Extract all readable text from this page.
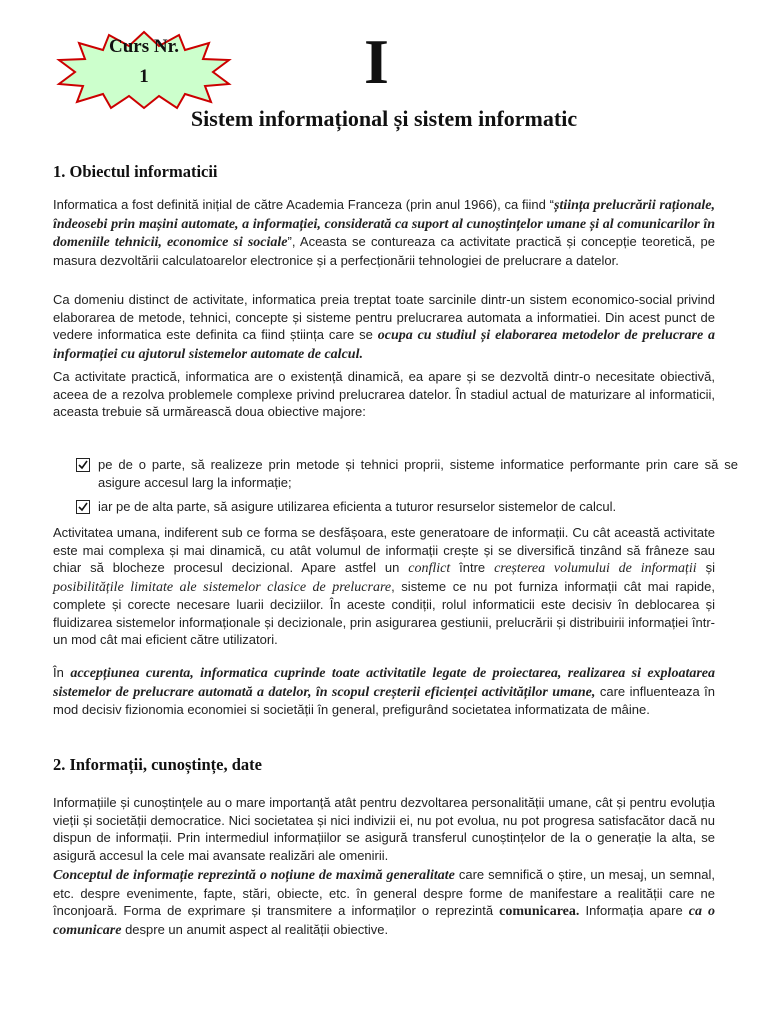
Curs Nr.
1	I
Sistem informațional și sistem informatic
1. Obiectul informaticii
Informatica a fost definită inițial de către Academia Franceza (prin anul 1966), ca fiind “știința prelucrării raționale, îndeosebi prin mașini automate, a informației, considerată ca suport al cunoștințelor umane și al comunicarilor în domeniile tehnicii, economice si sociale”, Aceasta se contureaza ca activitate practică și concepție teoretică, pe masura dezvoltării calculatoarelor electronice și a perfecționării tehnologiei de prelucrare a datelor.
Ca domeniu distinct de activitate, informatica preia treptat toate sarcinile dintr-un sistem economico-social privind elaborarea de metode, tehnici, concepte și sisteme pentru prelucrarea automata a informatiei. Din acest punct de vedere informatica este definita ca fiind știința care se ocupa cu studiul și elaborarea metodelor de prelucrare a informației cu ajutorul sistemelor automate de calcul.
Ca activitate practică, informatica are o existență dinamică, ea apare și se dezvoltă dintr-o necesitate obiectivă, aceea de a rezolva problemele complexe privind prelucrarea datelor. În stadiul actual de maturizare al informaticii, aceasta trebuie să urmărească doua obiective majore:
pe de o parte, să realizeze prin metode și tehnici proprii, sisteme informatice performante prin care să se asigure accesul larg la informație;
iar pe de alta parte, să asigure utilizarea eficienta a tuturor resurselor sistemelor de calcul.
Activitatea umana, indiferent sub ce forma se desfășoara, este generatoare de informații. Cu cât această activitate este mai complexa și mai dinamică, cu atât volumul de informații crește și se diversifică tinzând să frâneze sau chiar să blocheze procesul decizional. Apare astfel un conflict între creșterea volumului de informații și posibilitățile limitate ale sistemelor clasice de prelucrare, sisteme ce nu pot furniza informații cât mai rapide, complete și corecte necesare luarii deciziilor. În aceste condiții, rolul informaticii este decisiv în deblocarea și fluidizarea sistemelor informaționale și decizionale, prin asigurarea gestiunii, prelucrării și distribuirii informației într-un mod cât mai eficient către utilizatori.
În accepțiunea curenta, informatica cuprinde toate activitatile legate de proiectarea, realizarea si exploatarea sistemelor de prelucrare automată a datelor, în scopul creșterii eficienței activităților umane, care influenteaza în mod decisiv fizionomia economiei si societății în general, prefigurând societatea informatizata de mâine.
2. Informații, cunoștințe, date
Informațiile și cunoștințele au o mare importanță atât pentru dezvoltarea personalității umane, cât și pentru evoluția vieții și societății democratice. Nici societatea și nici indivizii ei, nu pot evolua, nu pot progresa satisfacător dacă nu dispun de informații. Prin intermediul informațiilor se asigură transferul cunoștințelor de la o generație la alta, se asigură accesul la cele mai avansate realizări ale omenirii.
Conceptul de informație reprezintă o noțiune de maximă generalitate care semnifică o știre, un mesaj, un semnal, etc. despre evenimente, fapte, stări, obiecte, etc. în general despre forme de manifestare a realității care ne înconjoară. Forma de exprimare și transmitere a informaților o reprezintă comunicarea. Informația apare ca o comunicare despre un anumit aspect al realității obiective.
